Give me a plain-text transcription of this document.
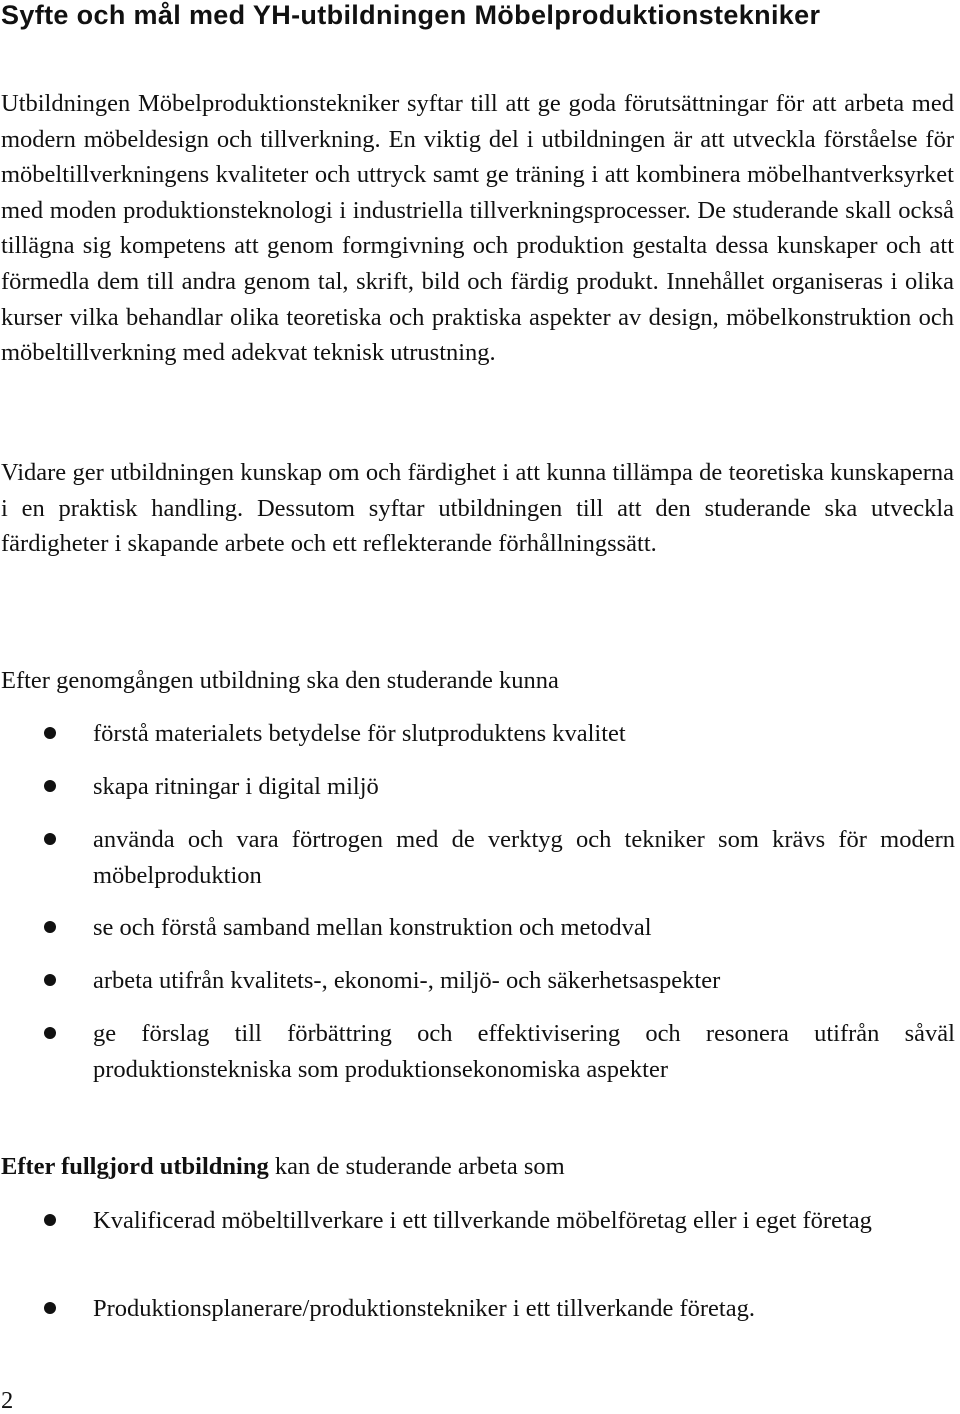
Syfte och mål med YH-utbildningen Möbelproduktionstekniker

Utbildningen Möbelproduktionstekniker syftar till att ge goda förutsättningar för att arbeta med modern möbeldesign och tillverkning. En viktig del i utbildningen är att utveckla förståelse för möbeltillverkningens kvaliteter och uttryck samt ge träning i att kombinera möbelhantverksyrket med moden produktionsteknologi i industriella tillverkningsprocesser. De studerande skall också tillägna sig kompetens att genom formgivning och produktion gestalta dessa kunskaper och att förmedla dem till andra genom tal, skrift, bild och färdig produkt. Innehållet organiseras i olika kurser vilka behandlar olika teoretiska och praktiska aspekter av design, möbelkonstruktion och möbeltillverkning med adekvat teknisk utrustning.

Vidare ger utbildningen kunskap om och färdighet i att kunna tillämpa de teoretiska kunskaperna i en praktisk handling. Dessutom syftar utbildningen till att den studerande ska utveckla färdigheter i skapande arbete och ett reflekterande förhållningssätt.

Efter genomgången utbildning ska den studerande kunna

förstå materialets betydelse för slutproduktens kvalitet

skapa ritningar i digital miljö

använda och vara förtrogen med de verktyg och tekniker som krävs för modern möbelproduktion

se och förstå samband mellan konstruktion och metodval

arbeta utifrån kvalitets-, ekonomi-, miljö- och säkerhetsaspekter

ge förslag till förbättring och effektivisering och resonera utifrån såväl produktionstekniska som produktionsekonomiska aspekter

Efter fullgjord utbildning kan de studerande arbeta som

Kvalificerad möbeltillverkare i ett tillverkande möbelföretag eller i eget företag

Produktionsplanerare/produktionstekniker i ett tillverkande företag.

2
